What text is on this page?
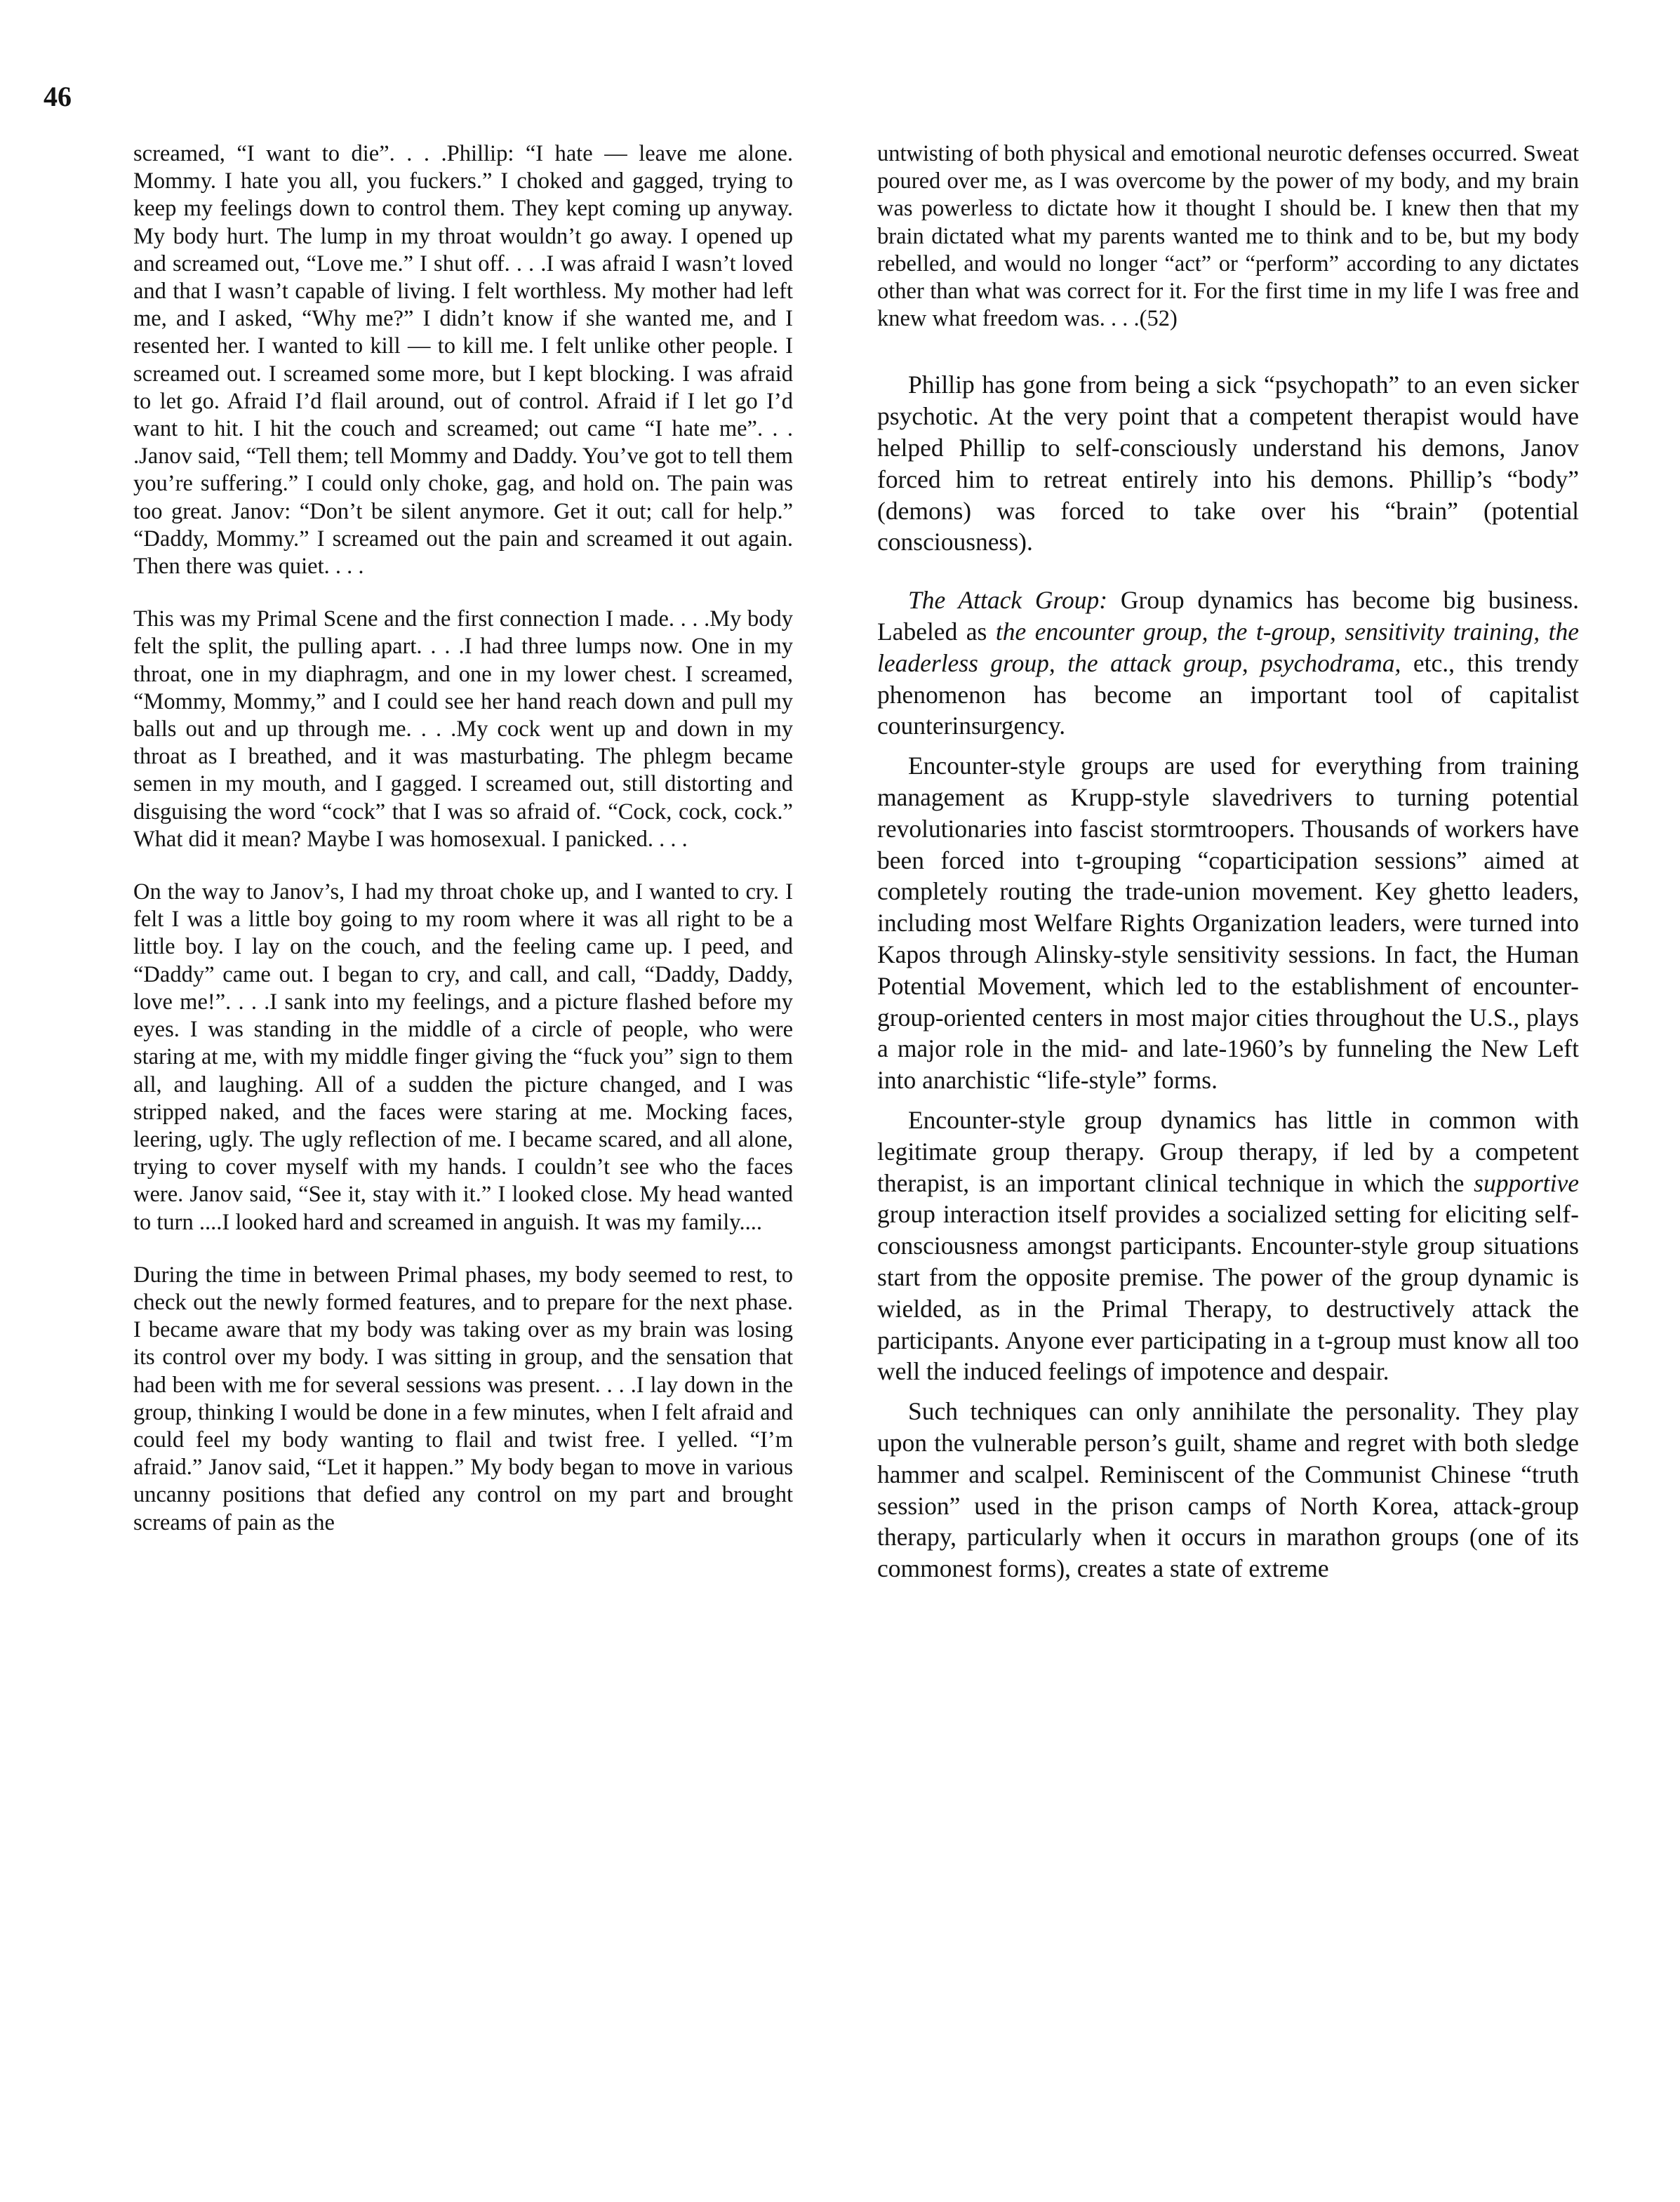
46

screamed, “I want to die”. . . .Phillip: “I hate — leave me alone. Mommy. I hate you all, you fuckers.” I choked and gagged, trying to keep my feelings down to control them. They kept coming up anyway. My body hurt. The lump in my throat wouldn’t go away. I opened up and screamed out, “Love me.” I shut off. . . .I was afraid I wasn’t loved and that I wasn’t capable of living. I felt worthless. My mother had left me, and I asked, “Why me?” I didn’t know if she wanted me, and I resented her. I wanted to kill — to kill me. I felt unlike other people. I screamed out. I screamed some more, but I kept blocking. I was afraid to let go. Afraid I’d flail around, out of control. Afraid if I let go I’d want to hit. I hit the couch and screamed; out came “I hate me”. . . .Janov said, “Tell them; tell Mommy and Daddy. You’ve got to tell them you’re suffering.” I could only choke, gag, and hold on. The pain was too great. Janov: “Don’t be silent anymore. Get it out; call for help.” “Daddy, Mommy.” I screamed out the pain and screamed it out again. Then there was quiet. . . .

This was my Primal Scene and the first connection I made. . . .My body felt the split, the pulling apart. . . .I had three lumps now. One in my throat, one in my diaphragm, and one in my lower chest. I screamed, “Mommy, Mommy,” and I could see her hand reach down and pull my balls out and up through me. . . .My cock went up and down in my throat as I breathed, and it was masturbating. The phlegm became semen in my mouth, and I gagged. I screamed out, still distorting and disguising the word “cock” that I was so afraid of. “Cock, cock, cock.” What did it mean? Maybe I was homosexual. I panicked. . . .

On the way to Janov’s, I had my throat choke up, and I wanted to cry. I felt I was a little boy going to my room where it was all right to be a little boy. I lay on the couch, and the feeling came up. I peed, and “Daddy” came out. I began to cry, and call, and call, “Daddy, Daddy, love me!”. . . .I sank into my feelings, and a picture flashed before my eyes. I was standing in the middle of a circle of people, who were staring at me, with my middle finger giving the “fuck you” sign to them all, and laughing. All of a sudden the picture changed, and I was stripped naked, and the faces were staring at me. Mocking faces, leering, ugly. The ugly reflection of me. I became scared, and all alone, trying to cover myself with my hands. I couldn’t see who the faces were. Janov said, “See it, stay with it.” I looked close. My head wanted to turn ....I looked hard and screamed in anguish. It was my family....

During the time in between Primal phases, my body seemed to rest, to check out the newly formed features, and to prepare for the next phase. I became aware that my body was taking over as my brain was losing its control over my body. I was sitting in group, and the sensation that had been with me for several sessions was present. . . .I lay down in the group, thinking I would be done in a few minutes, when I felt afraid and could feel my body wanting to flail and twist free. I yelled. “I’m afraid.” Janov said, “Let it happen.” My body began to move in various uncanny positions that defied any control on my part and brought screams of pain as the

untwisting of both physical and emotional neurotic defenses occurred. Sweat poured over me, as I was overcome by the power of my body, and my brain was powerless to dictate how it thought I should be. I knew then that my brain dictated what my parents wanted me to think and to be, but my body rebelled, and would no longer “act” or “perform” according to any dictates other than what was correct for it. For the first time in my life I was free and knew what freedom was. . . .(52)

Phillip has gone from being a sick “psychopath” to an even sicker psychotic. At the very point that a competent therapist would have helped Phillip to self-consciously understand his demons, Janov forced him to retreat entirely into his demons. Phillip’s “body” (demons) was forced to take over his “brain” (potential consciousness).

The Attack Group: Group dynamics has become big business. Labeled as the encounter group, the t-group, sensitivity training, the leaderless group, the attack group, psychodrama, etc., this trendy phenomenon has become an important tool of capitalist counterinsurgency.

Encounter-style groups are used for everything from training management as Krupp-style slavedrivers to turning potential revolutionaries into fascist stormtroopers. Thousands of workers have been forced into t-grouping “coparticipation sessions” aimed at completely routing the trade-union movement. Key ghetto leaders, including most Welfare Rights Organization leaders, were turned into Kapos through Alinsky-style sensitivity sessions. In fact, the Human Potential Movement, which led to the establishment of encounter-group-oriented centers in most major cities throughout the U.S., plays a major role in the mid- and late-1960’s by funneling the New Left into anarchistic “life-style” forms.

Encounter-style group dynamics has little in common with legitimate group therapy. Group therapy, if led by a competent therapist, is an important clinical technique in which the supportive group interaction itself provides a socialized setting for eliciting self-consciousness amongst participants. Encounter-style group situations start from the opposite premise. The power of the group dynamic is wielded, as in the Primal Therapy, to destructively attack the participants. Anyone ever participating in a t-group must know all too well the induced feelings of impotence and despair.

Such techniques can only annihilate the personality. They play upon the vulnerable person’s guilt, shame and regret with both sledge hammer and scalpel. Reminiscent of the Communist Chinese “truth session” used in the prison camps of North Korea, attack-group therapy, particularly when it occurs in marathon groups (one of its commonest forms), creates a state of extreme
